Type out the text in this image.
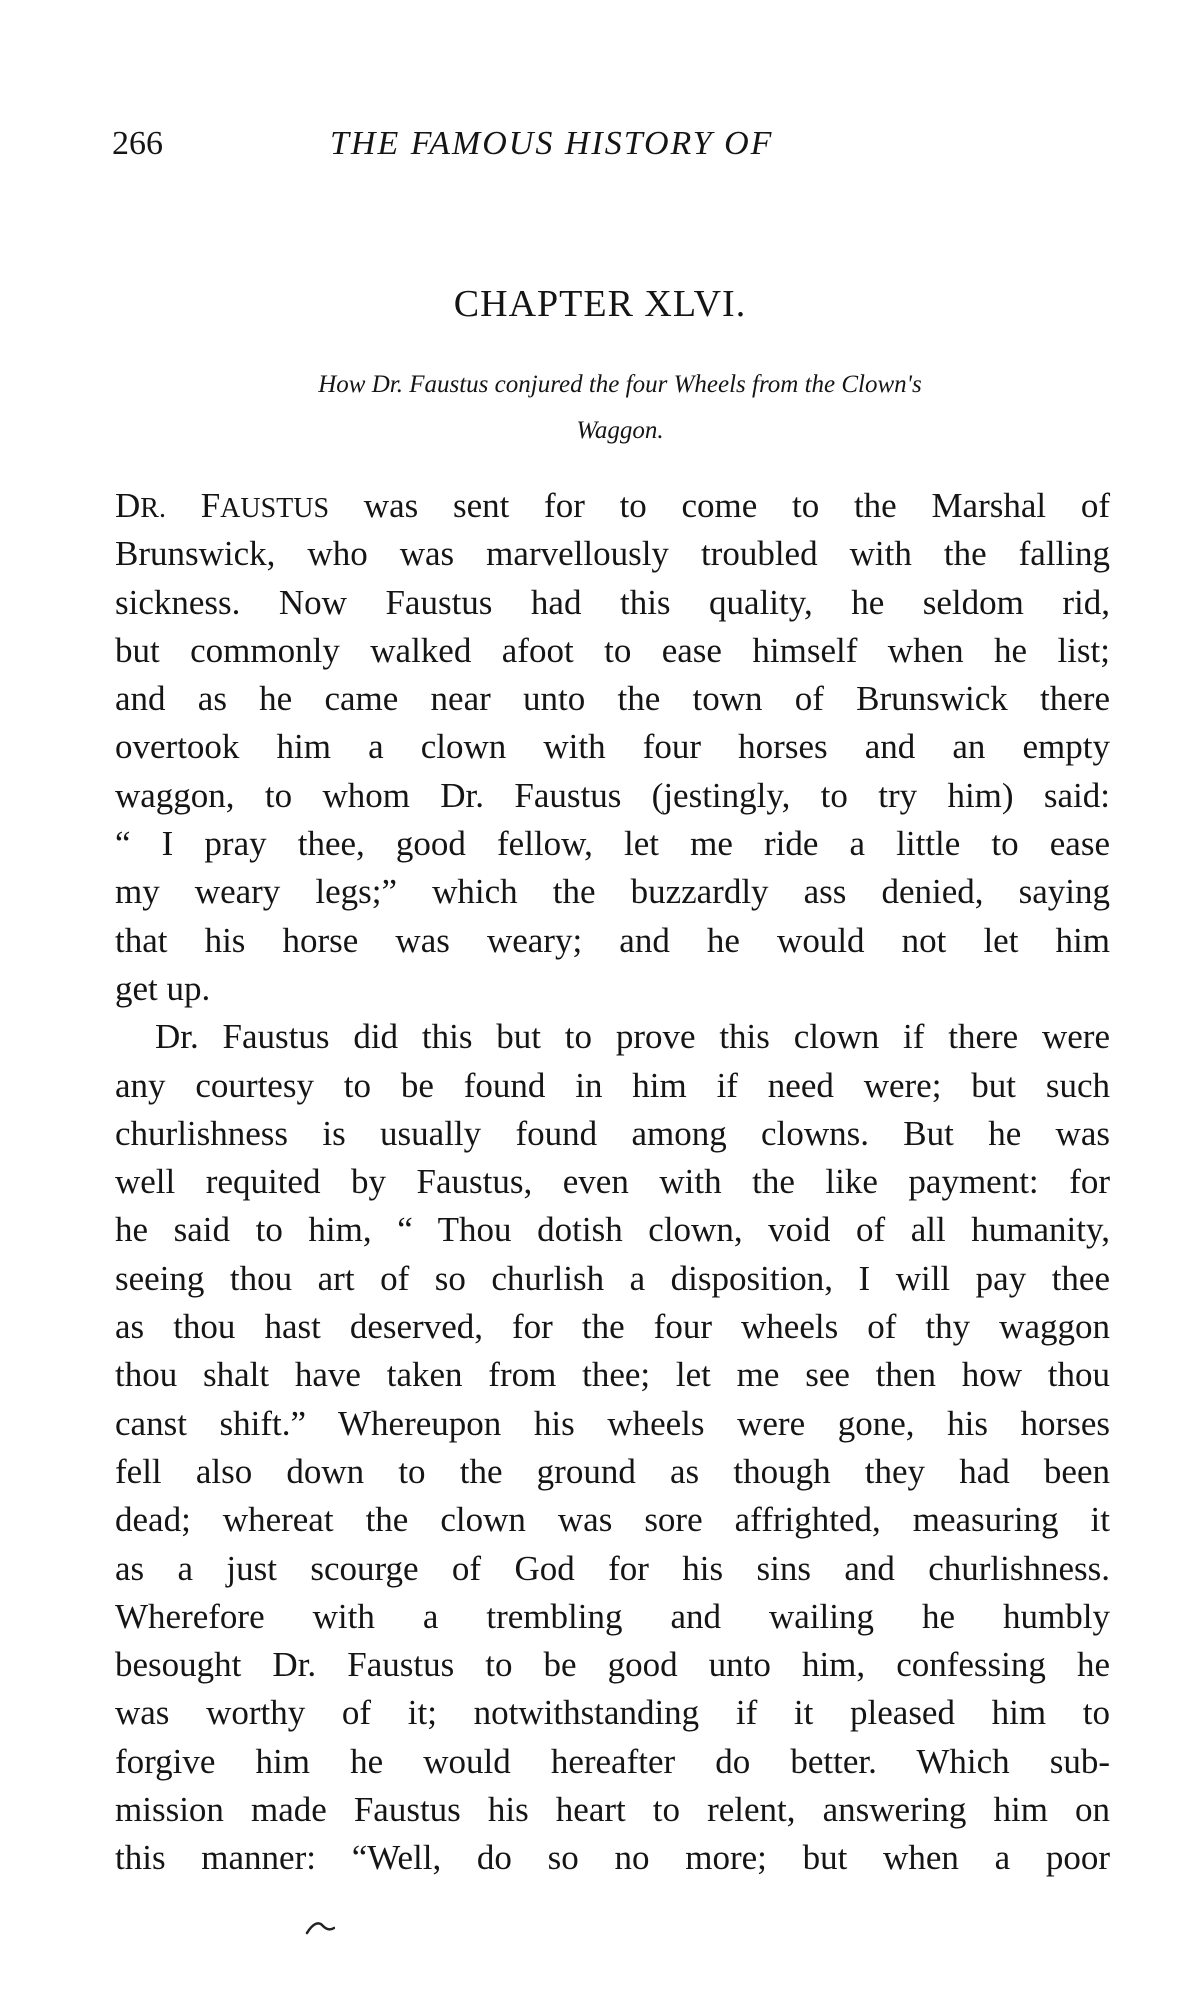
266	THE FAMOUS HISTORY OF
CHAPTER XLVI.
How Dr. Faustus conjured the four Wheels from the Clown's
Waggon.
DR. FAUSTUS was sent for to come to the Marshal of
Brunswick, who was marvellously troubled with the falling
sickness. Now Faustus had this quality, he seldom rid,
but commonly walked afoot to ease himself when he list;
and as he came near unto the town of Brunswick there
overtook him a clown with four horses and an empty
waggon, to whom Dr. Faustus (jestingly, to try him) said:
“ I pray thee, good fellow, let me ride a little to ease
my weary legs;” which the buzzardly ass denied, saying
that his horse was weary; and he would not let him
get up.
Dr. Faustus did this but to prove this clown if there were
any courtesy to be found in him if need were; but such
churlishness is usually found among clowns. But he was
well requited by Faustus, even with the like payment: for
he said to him, “ Thou dotish clown, void of all humanity,
seeing thou art of so churlish a disposition, I will pay thee
as thou hast deserved, for the four wheels of thy waggon
thou shalt have taken from thee; let me see then how thou
canst shift.” Whereupon his wheels were gone, his horses
fell also down to the ground as though they had been
dead; whereat the clown was sore affrighted, measuring it
as a just scourge of God for his sins and churlishness.
Wherefore with a trembling and wailing he humbly
besought Dr. Faustus to be good unto him, confessing he
was worthy of it; notwithstanding if it pleased him to
forgive him he would hereafter do better. Which sub-
mission made Faustus his heart to relent, answering him on
this manner: “Well, do so no more; but when a poor
